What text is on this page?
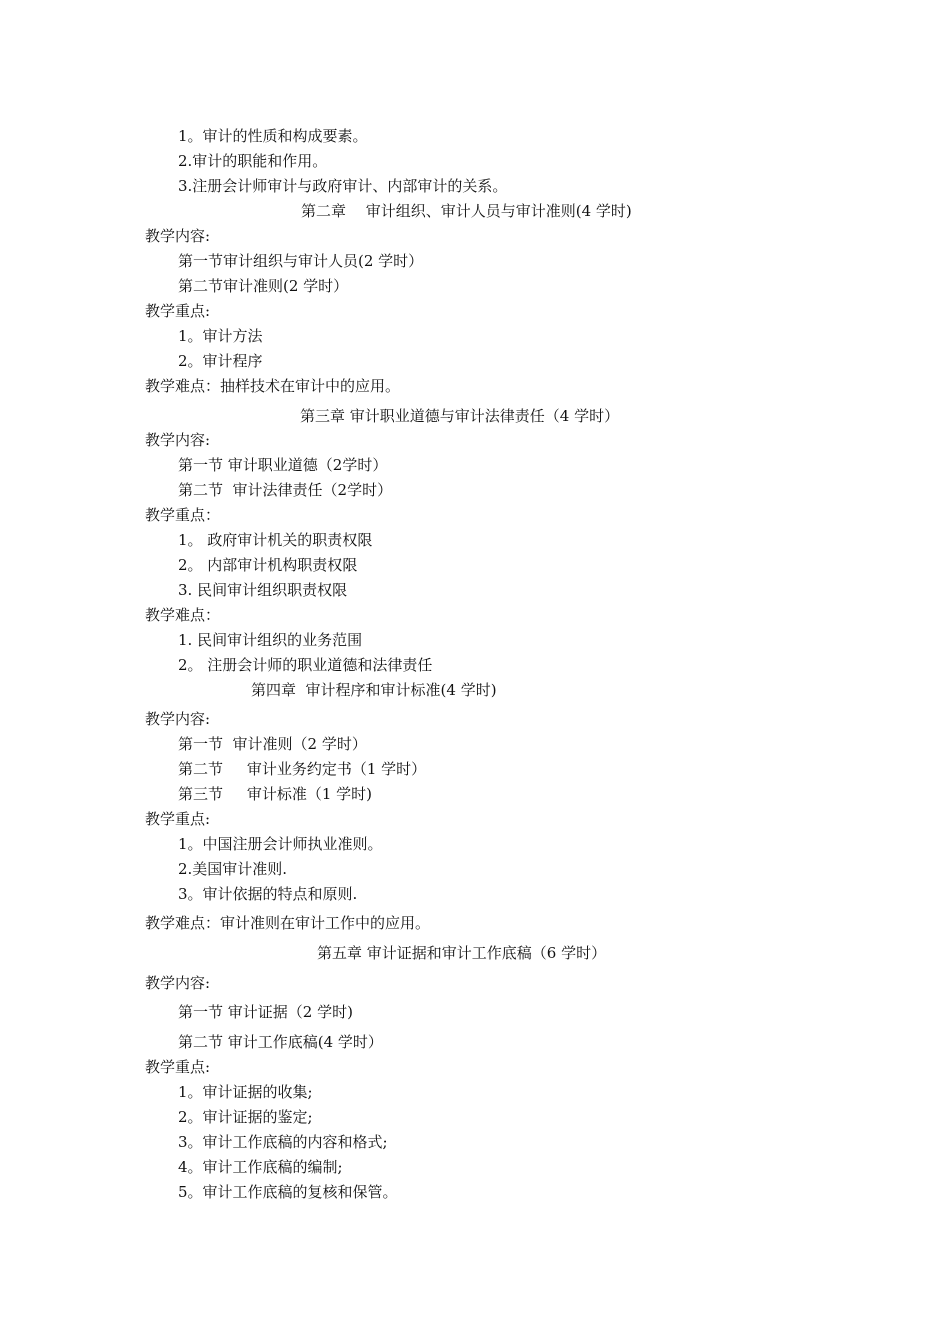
1。审计的性质和构成要素。

2.审计的职能和作用。

3.注册会计师审计与政府审计、内部审计的关系。

第二章　 审计组织、审计人员与审计准则(4 学时)

教学内容:

第一节审计组织与审计人员(2 学时）

第二节审计准则(2 学时）

教学重点:

1。审计方法

2。审计程序

教学难点：抽样技术在审计中的应用。

第三章 审计职业道德与审计法律责任（4 学时）

教学内容:

第一节 审计职业道德（2学时）

第二节  审计法律责任（2学时）

教学重点：

1。 政府审计机关的职责权限

2。 内部审计机构职责权限

3. 民间审计组织职责权限

教学难点：

1. 民间审计组织的业务范围

2。 注册会计师的职业道德和法律责任

第四章  审计程序和审计标准(4 学时)

教学内容:

第一节  审计准则（2 学时）

第二节     审计业务约定书（1 学时）

第三节     审计标准（1 学时)

教学重点:

1。中国注册会计师执业准则。

2.美国审计准则.

3。审计依据的特点和原则.

教学难点：审计准则在审计工作中的应用。

第五章 审计证据和审计工作底稿（6 学时）

教学内容:

第一节 审计证据（2 学时)

第二节 审计工作底稿(4 学时）

教学重点:

1。审计证据的收集;

2。审计证据的鉴定;

3。审计工作底稿的内容和格式;

4。审计工作底稿的编制;

5。审计工作底稿的复核和保管。
